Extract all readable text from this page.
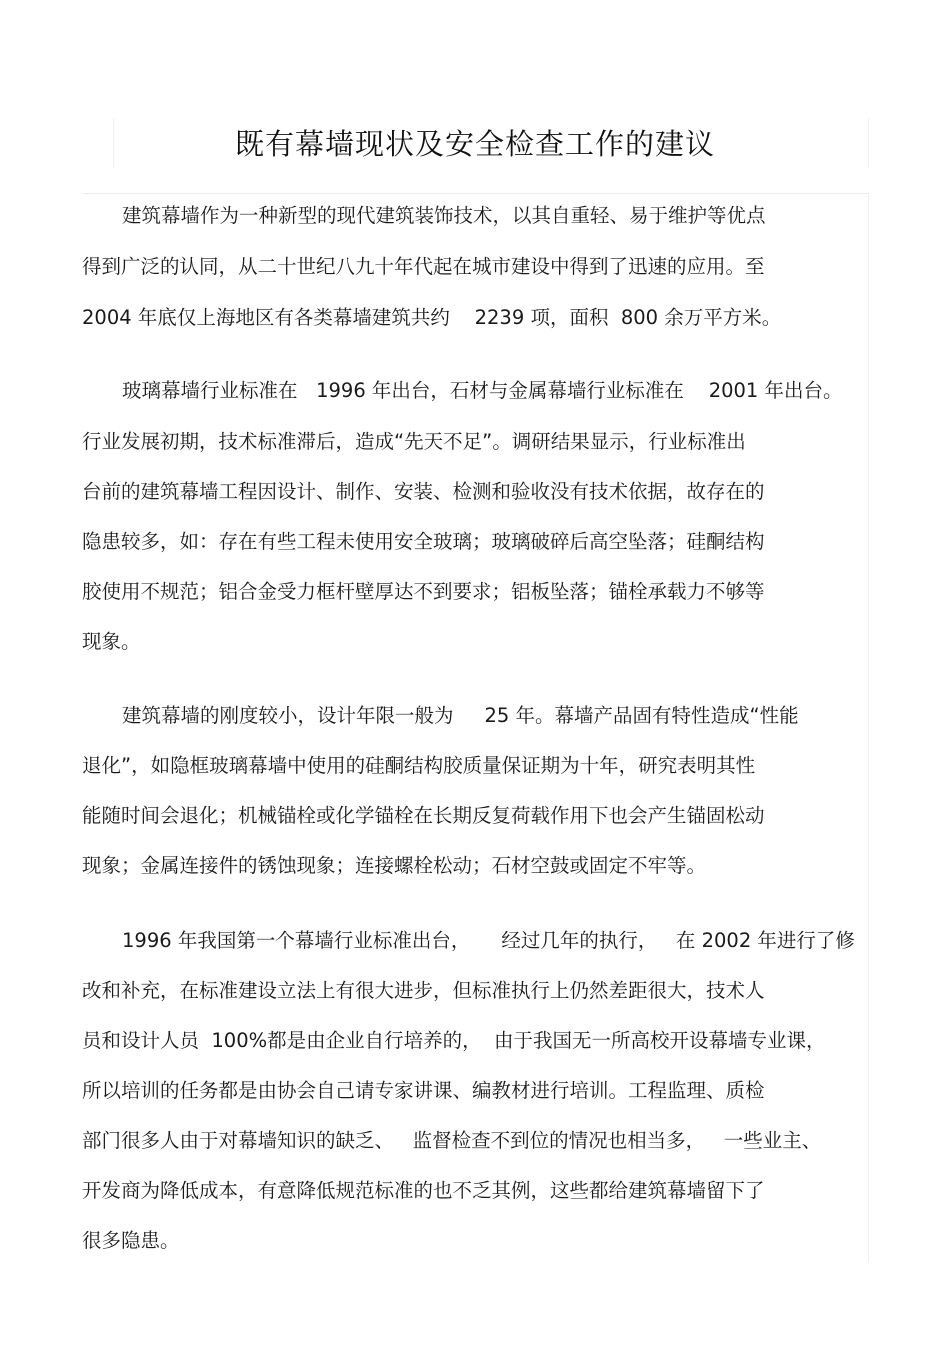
既有幕墙现状及安全检查工作的建议
建筑幕墙作为一种新型的现代建筑装饰技术，以其自重轻、易于维护等优点
得到广泛的认同，从二十世纪八九十年代起在城市建设中得到了迅速的应用。至
2004 年底仅上海地区有各类幕墙建筑共约    2239 项，面积  800 余万平方米。
玻璃幕墙行业标准在   1996 年出台，石材与金属幕墙行业标准在    2001 年出台。
行业发展初期，技术标准滞后，造成“先天不足”。调研结果显示，行业标准出
台前的建筑幕墙工程因设计、制作、安装、检测和验收没有技术依据，故存在的
隐患较多，如：存在有些工程未使用安全玻璃；玻璃破碎后高空坠落；硅酮结构
胶使用不规范；铝合金受力框杆壁厚达不到要求；铝板坠落；锚栓承载力不够等
现象。
建筑幕墙的刚度较小，设计年限一般为     25 年。幕墙产品固有特性造成“性能
退化”，如隐框玻璃幕墙中使用的硅酮结构胶质量保证期为十年，研究表明其性
能随时间会退化；机械锚栓或化学锚栓在长期反复荷载作用下也会产生锚固松动
现象；金属连接件的锈蚀现象；连接螺栓松动；石材空鼓或固定不牢等。
1996 年我国第一个幕墙行业标准出台，     经过几年的执行，   在 2002 年进行了修
改和补充，在标准建设立法上有很大进步，但标准执行上仍然差距很大，技术人
员和设计人员  100%都是由企业自行培养的，  由于我国无一所高校开设幕墙专业课，
所以培训的任务都是由协会自己请专家讲课、编教材进行培训。工程监理、质检
部门很多人由于对幕墙知识的缺乏、   监督检查不到位的情况也相当多，   一些业主、
开发商为降低成本，有意降低规范标准的也不乏其例，这些都给建筑幕墙留下了
很多隐患。
